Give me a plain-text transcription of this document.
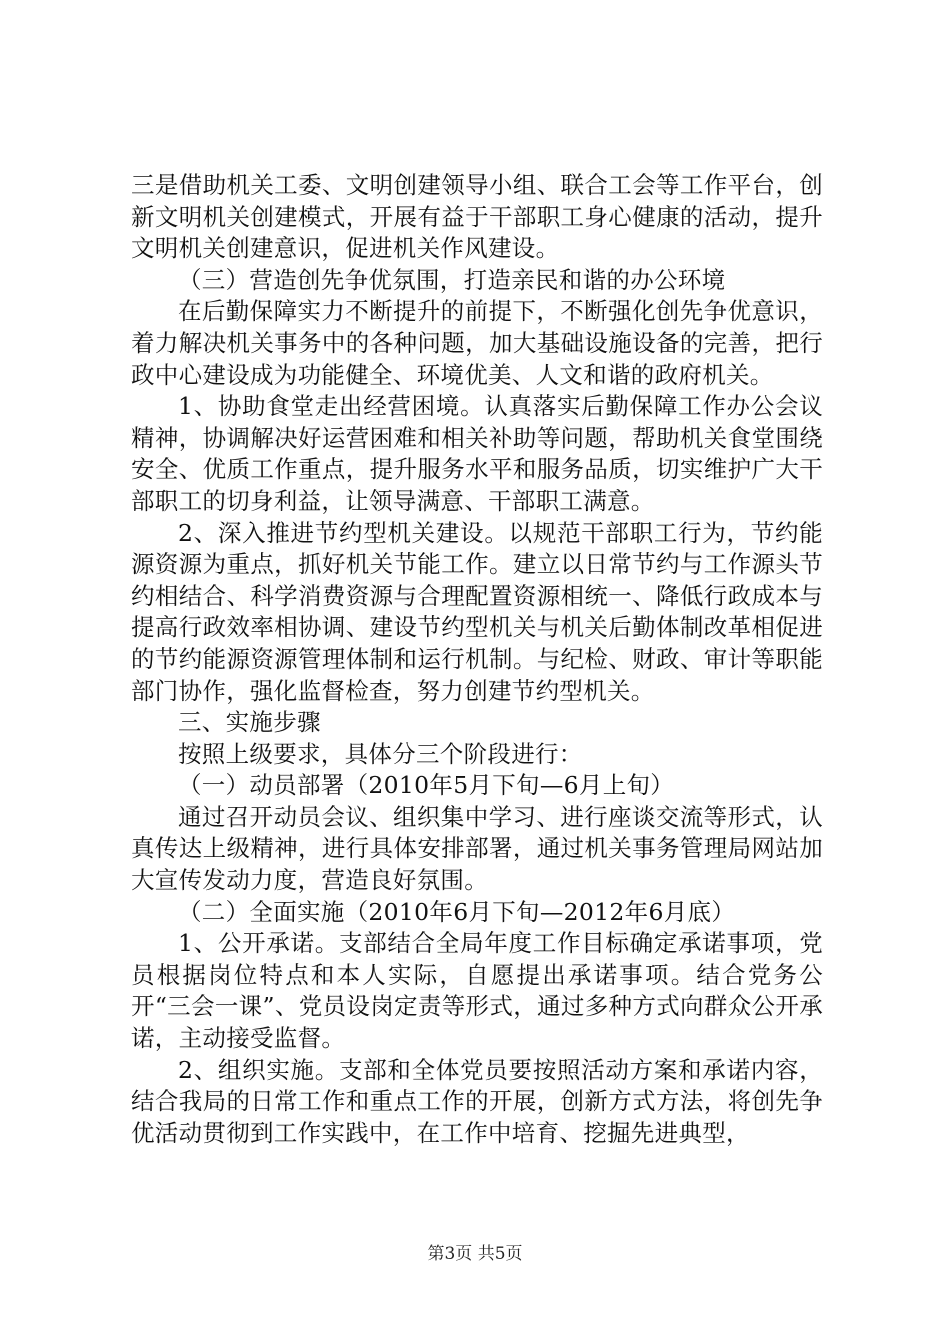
三是借助机关工委、文明创建领导小组、联合工会等工作平台，创新文明机关创建模式，开展有益于干部职工身心健康的活动，提升文明机关创建意识，促进机关作风建设。

（三）营造创先争优氛围，打造亲民和谐的办公环境

在后勤保障实力不断提升的前提下，不断强化创先争优意识，着力解决机关事务中的各种问题，加大基础设施设备的完善，把行政中心建设成为功能健全、环境优美、人文和谐的政府机关。

1、协助食堂走出经营困境。认真落实后勤保障工作办公会议精神，协调解决好运营困难和相关补助等问题，帮助机关食堂围绕安全、优质工作重点，提升服务水平和服务品质，切实维护广大干部职工的切身利益，让领导满意、干部职工满意。

2、深入推进节约型机关建设。以规范干部职工行为，节约能源资源为重点，抓好机关节能工作。建立以日常节约与工作源头节约相结合、科学消费资源与合理配置资源相统一、降低行政成本与提高行政效率相协调、建设节约型机关与机关后勤体制改革相促进的节约能源资源管理体制和运行机制。与纪检、财政、审计等职能部门协作，强化监督检查，努力创建节约型机关。

三、实施步骤

按照上级要求，具体分三个阶段进行：

（一）动员部署（2010年5月下旬—6月上旬）

通过召开动员会议、组织集中学习、进行座谈交流等形式，认真传达上级精神，进行具体安排部署，通过机关事务管理局网站加大宣传发动力度，营造良好氛围。

（二）全面实施（2010年6月下旬—2012年6月底）

1、公开承诺。支部结合全局年度工作目标确定承诺事项，党员根据岗位特点和本人实际，自愿提出承诺事项。结合党务公开“三会一课”、党员设岗定责等形式，通过多种方式向群众公开承诺，主动接受监督。

2、组织实施。支部和全体党员要按照活动方案和承诺内容，结合我局的日常工作和重点工作的开展，创新方式方法，将创先争优活动贯彻到工作实践中，在工作中培育、挖掘先进典型，

第3页 共5页
